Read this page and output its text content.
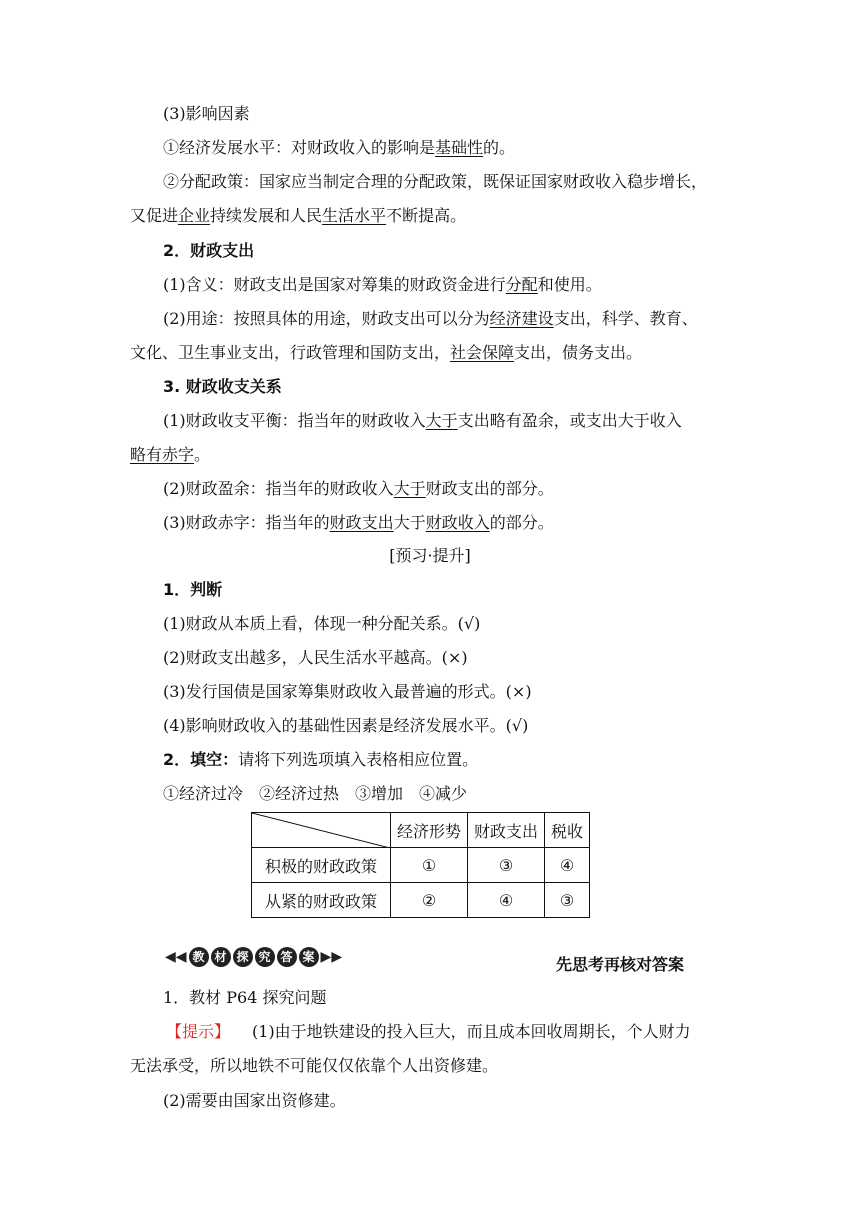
(3)影响因素
①经济发展水平：对财政收入的影响是基础性的。
②分配政策：国家应当制定合理的分配政策，既保证国家财政收入稳步增长，
又促进企业持续发展和人民生活水平不断提高。
2．财政支出
(1)含义：财政支出是国家对筹集的财政资金进行分配和使用。
(2)用途：按照具体的用途，财政支出可以分为经济建设支出，科学、教育、
文化、卫生事业支出，行政管理和国防支出，社会保障支出，债务支出。
3. 财政收支关系
(1)财政收支平衡：指当年的财政收入大于支出略有盈余，或支出大于收入
略有赤字。
(2)财政盈余：指当年的财政收入大于财政支出的部分。
(3)财政赤字：指当年的财政支出大于财政收入的部分。
[预习·提升]
1．判断
(1)财政从本质上看，体现一种分配关系。(√)
(2)财政支出越多，人民生活水平越高。(×)
(3)发行国债是国家筹集财政收入最普遍的形式。(×)
(4)影响财政收入的基础性因素是经济发展水平。(√)
2．填空：请将下列选项填入表格相应位置。
①经济过冷　②经济过热　③增加　④减少
	经济形势	财政支出	税收
积极的财政政策	①	③	④
从紧的财政政策	②	④	③
◀◀ 教 材 探 究 答 案 ▶▶	先思考再核对答案
1．教材 P64 探究问题
【提示】 (1)由于地铁建设的投入巨大，而且成本回收周期长，个人财力
无法承受，所以地铁不可能仅仅依靠个人出资修建。
(2)需要由国家出资修建。
